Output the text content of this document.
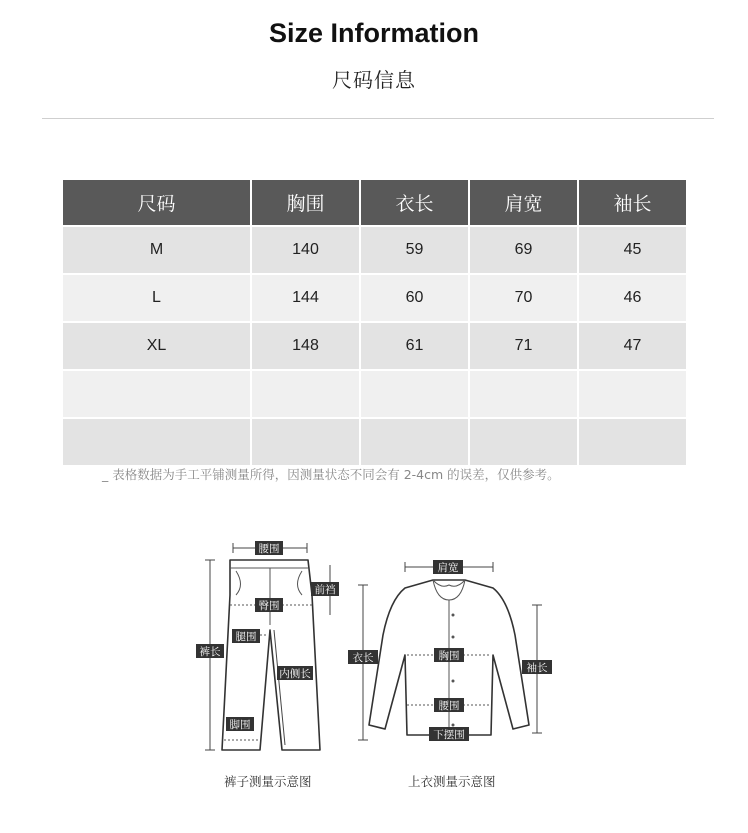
Size Information
尺码信息
尺码	胸围	衣长	肩宽	袖长
M	140	59	69	45
L	144	60	70	46
XL	148	61	71	47

_ 表格数据为手工平铺测量所得，因测量状态不同会有 2-4cm 的误差，仅供参考。
腰围
前裆
臀围
腿围
裤长
内侧长
脚围
肩宽
衣长	胸围
袖长
腰围
下摆围
裤子测量示意图	上衣测量示意图
